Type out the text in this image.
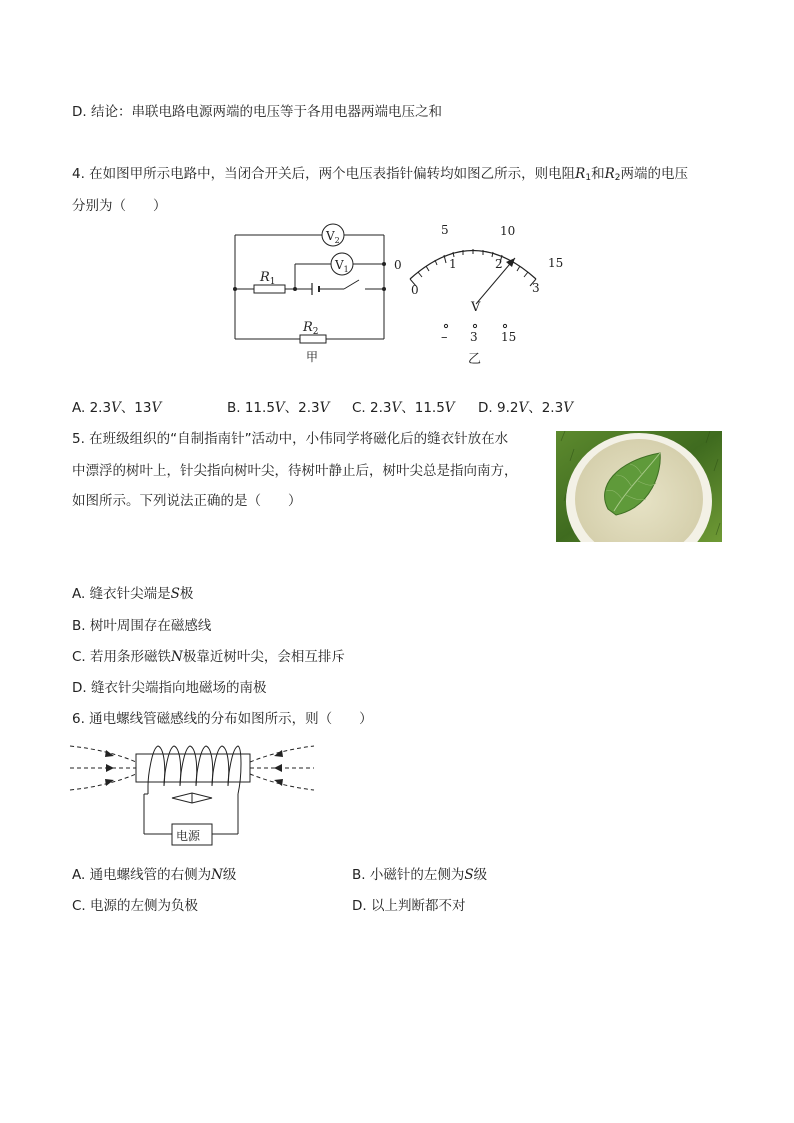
D. 结论：串联电路电源两端的电压等于各用电器两端电压之和
4. 在如图甲所示电路中，当闭合开关后，两个电压表指针偏转均如图乙所示，则电阻$R_1$和$R_2$两端的电压
分别为（　　）
$V_2$
$V_1$
$R_1$
$R_2$
甲
0
5	10
15
0
1	2
3
V
– 3 15
乙
A. 2.3V、13V	B. 11.5V、2.3V C. 2.3V、11.5V D. 9.2V、2.3V
5. 在班级组织的“自制指南针”活动中，小伟同学将磁化后的缝衣针放在水
中漂浮的树叶上，针尖指向树叶尖，待树叶静止后，树叶尖总是指向南方，
如图所示。下列说法正确的是（　　）
A. 缝衣针尖端是S极
B. 树叶周围存在磁感线
C. 若用条形磁铁N极靠近树叶尖，会相互排斥
D. 缝衣针尖端指向地磁场的南极
6. 通电螺线管磁感线的分布如图所示，则（　　）
电源
A. 通电螺线管的右侧为N级	B. 小磁针的左侧为S级
C. 电源的左侧为负极	D. 以上判断都不对
